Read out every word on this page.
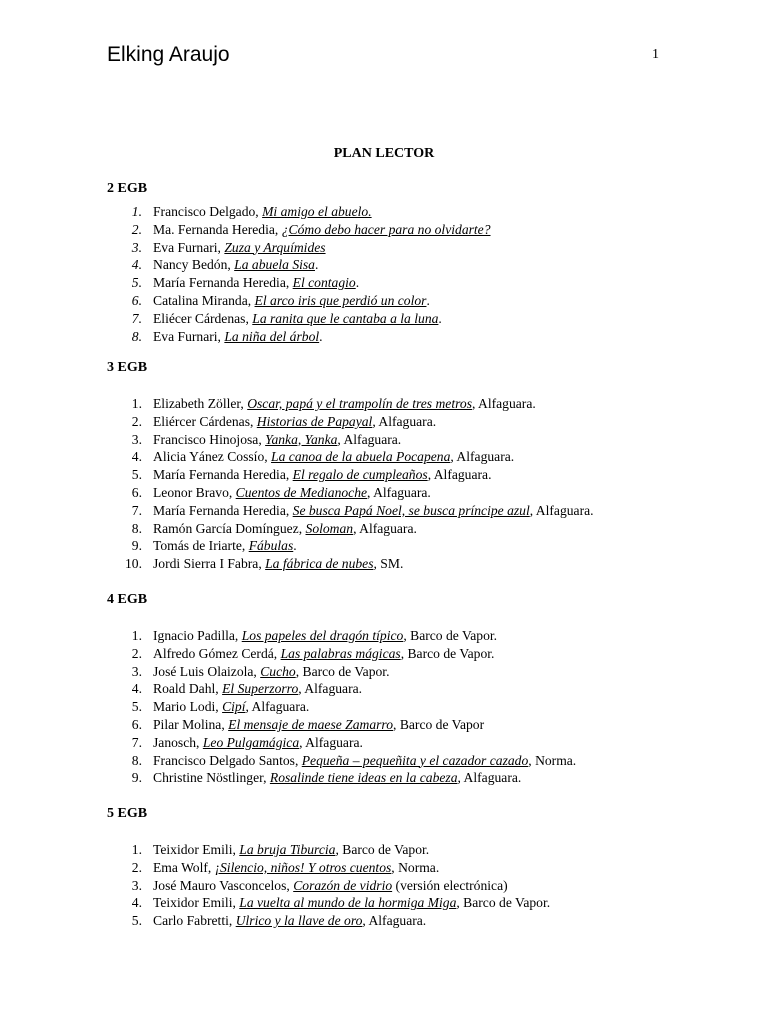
Elking Araujo	1
PLAN LECTOR
2 EGB
1. Francisco Delgado, Mi amigo el abuelo.
2. Ma. Fernanda Heredia, ¿Cómo debo hacer para no olvidarte?
3. Eva Furnari, Zuza y Arquímides
4. Nancy Bedón, La abuela Sisa.
5. María Fernanda Heredia, El contagio.
6. Catalina Miranda, El arco iris que perdió un color.
7. Eliécer Cárdenas, La ranita que le cantaba a la luna.
8. Eva Furnari, La niña del árbol.
3 EGB
1. Elizabeth Zöller, Oscar, papá y el trampolín de tres metros, Alfaguara.
2. Eliércer Cárdenas, Historias de Papayal, Alfaguara.
3. Francisco Hinojosa, Yanka, Yanka, Alfaguara.
4. Alicia Yánez Cossío, La canoa de la abuela Pocapena, Alfaguara.
5. María Fernanda Heredia, El regalo de cumpleaños, Alfaguara.
6. Leonor Bravo, Cuentos de Medianoche, Alfaguara.
7. María Fernanda Heredia, Se busca Papá Noel, se busca príncipe azul, Alfaguara.
8. Ramón García Domínguez, Soloman, Alfaguara.
9. Tomás de Iriarte, Fábulas.
10. Jordi Sierra I Fabra, La fábrica de nubes, SM.
4 EGB
1. Ignacio Padilla, Los papeles del dragón típico, Barco de Vapor.
2. Alfredo Gómez Cerdá, Las palabras mágicas, Barco de Vapor.
3. José Luis Olaizola, Cucho, Barco de Vapor.
4. Roald Dahl, El Superzorro, Alfaguara.
5. Mario Lodi, Cipí, Alfaguara.
6. Pilar Molina, El mensaje de maese Zamarro, Barco de Vapor
7. Janosch, Leo Pulgamágica, Alfaguara.
8. Francisco Delgado Santos, Pequeña – pequeñita y el cazador cazado, Norma.
9. Christine Nöstlinger, Rosalinde tiene ideas en la cabeza, Alfaguara.
5 EGB
1. Teixidor Emili, La bruja Tiburcia, Barco de Vapor.
2. Ema Wolf, ¡Silencio, niños! Y otros cuentos, Norma.
3. José Mauro Vasconcelos, Corazón de vidrio (versión electrónica)
4. Teixidor Emili, La vuelta al mundo de la hormiga Miga, Barco de Vapor.
5. Carlo Fabretti, Ulrico y la llave de oro, Alfaguara.
